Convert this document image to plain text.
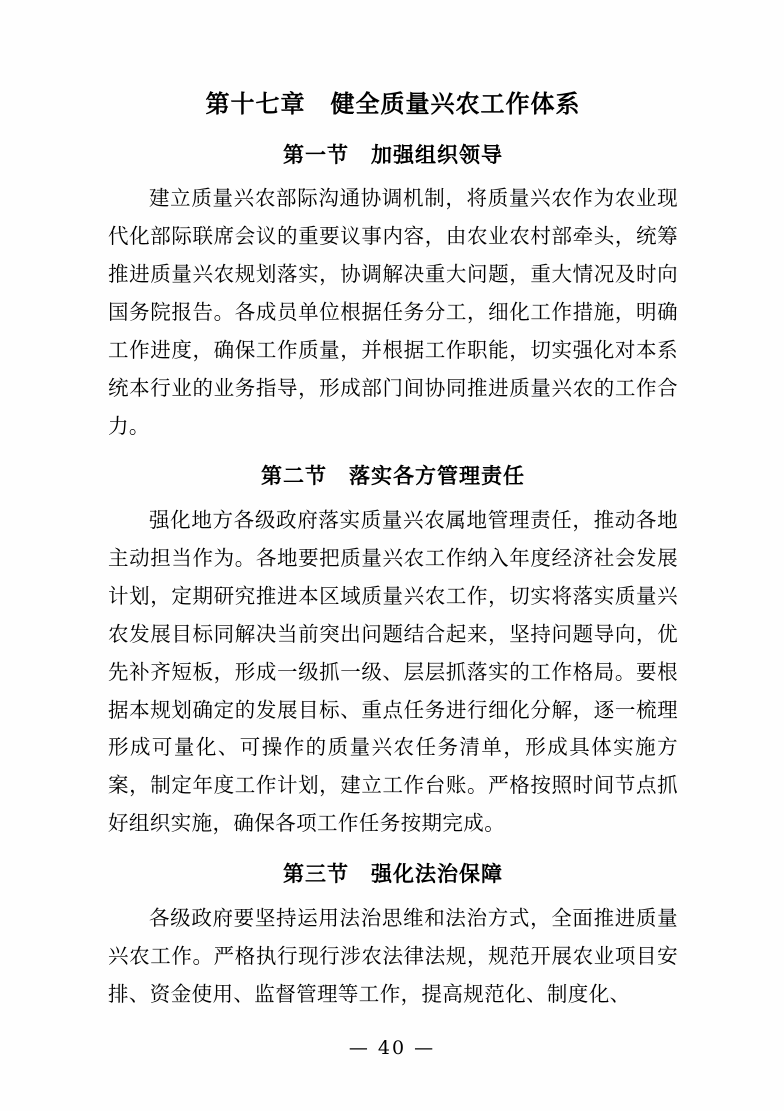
第十七章　健全质量兴农工作体系
第一节　加强组织领导

建立质量兴农部际沟通协调机制，将质量兴农作为农业现代化部际联席会议的重要议事内容，由农业农村部牵头，统筹推进质量兴农规划落实，协调解决重大问题，重大情况及时向国务院报告。各成员单位根据任务分工，细化工作措施，明确工作进度，确保工作质量，并根据工作职能，切实强化对本系统本行业的业务指导，形成部门间协同推进质量兴农的工作合力。

第二节　落实各方管理责任

强化地方各级政府落实质量兴农属地管理责任，推动各地主动担当作为。各地要把质量兴农工作纳入年度经济社会发展计划，定期研究推进本区域质量兴农工作，切实将落实质量兴农发展目标同解决当前突出问题结合起来，坚持问题导向，优先补齐短板，形成一级抓一级、层层抓落实的工作格局。要根据本规划确定的发展目标、重点任务进行细化分解，逐一梳理形成可量化、可操作的质量兴农任务清单，形成具体实施方案，制定年度工作计划，建立工作台账。严格按照时间节点抓好组织实施，确保各项工作任务按期完成。

第三节　强化法治保障

各级政府要坚持运用法治思维和法治方式，全面推进质量兴农工作。严格执行现行涉农法律法规，规范开展农业项目安排、资金使用、监督管理等工作，提高规范化、制度化、

— 40 —
